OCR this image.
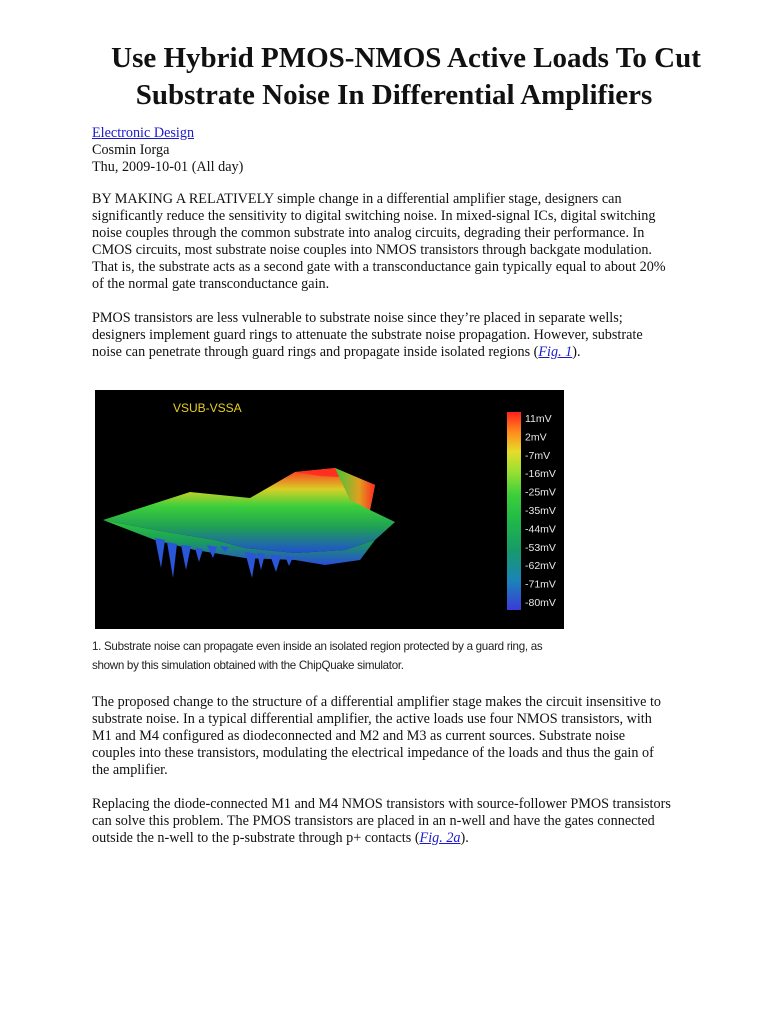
Use Hybrid PMOS-NMOS Active Loads To Cut
Substrate Noise In Differential Amplifiers
Electronic Design
Cosmin Iorga
Thu, 2009-10-01 (All day)

BY MAKING A RELATIVELY simple change in a differential amplifier stage, designers can
significantly reduce the sensitivity to digital switching noise. In mixed-signal ICs, digital switching
noise couples through the common substrate into analog circuits, degrading their performance. In
CMOS circuits, most substrate noise couples into NMOS transistors through backgate modulation.
That is, the substrate acts as a second gate with a transconductance gain typically equal to about 20%
of the normal gate transconductance gain.

PMOS transistors are less vulnerable to substrate noise since they’re placed in separate wells;
designers implement guard rings to attenuate the substrate noise propagation. However, substrate
noise can penetrate through guard rings and propagate inside isolated regions (Fig. 1).

VSUB-VSSA
11mV
2mV
-7mV
-16mV
-25mV
-35mV
-44mV
-53mV
-62mV
-71mV
-80mV
1. Substrate noise can propagate even inside an isolated region protected by a guard ring, as
shown by this simulation obtained with the ChipQuake simulator.

The proposed change to the structure of a differential amplifier stage makes the circuit insensitive to
substrate noise. In a typical differential amplifier, the active loads use four NMOS transistors, with
M1 and M4 configured as diodeconnected and M2 and M3 as current sources. Substrate noise
couples into these transistors, modulating the electrical impedance of the loads and thus the gain of
the amplifier.

Replacing the diode-connected M1 and M4 NMOS transistors with source-follower PMOS transistors
can solve this problem. The PMOS transistors are placed in an n-well and have the gates connected
outside the n-well to the p-substrate through p+ contacts (Fig. 2a).
